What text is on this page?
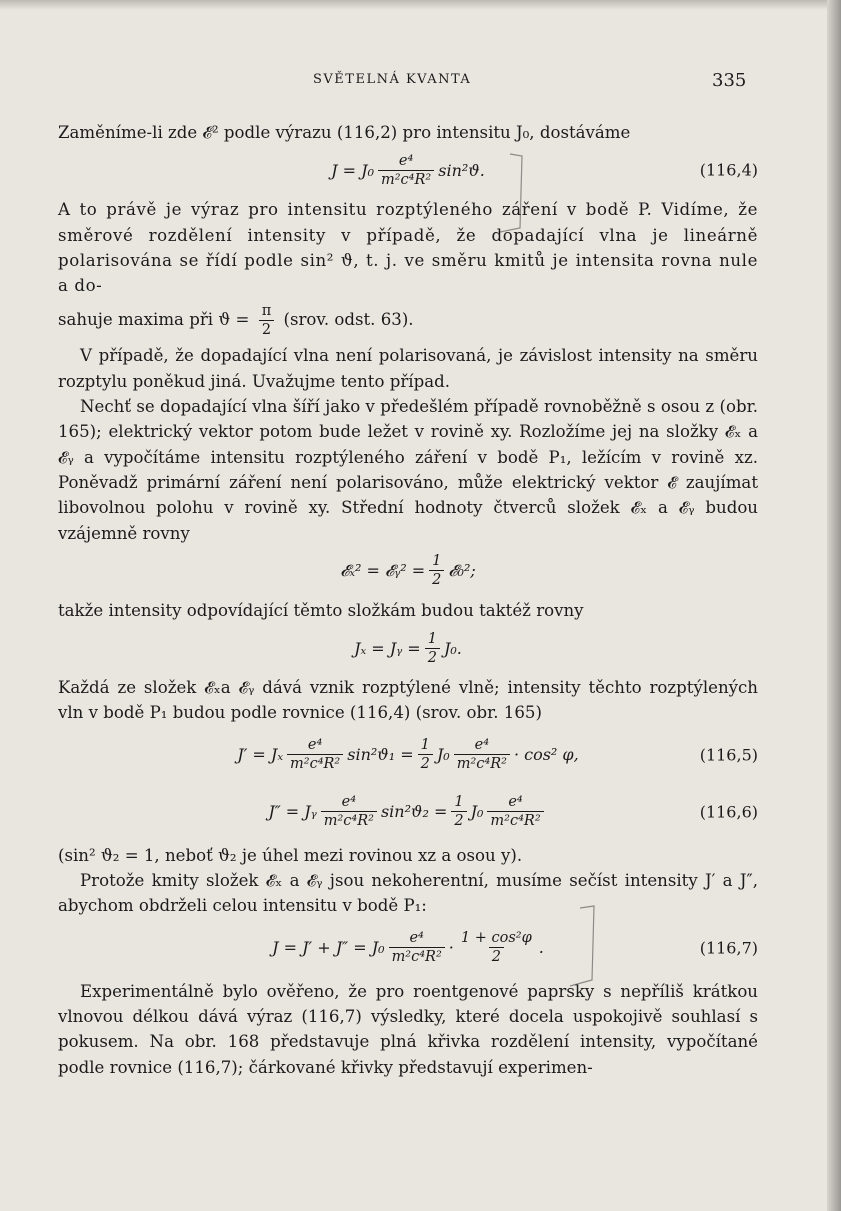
SVĚTELNÁ KVANTA	335

Zaměníme-li zde 𝓔² podle výrazu (116,2) pro intensitu J₀, dostáváme

$J = J_0 \frac{\text{e⁴}}{\text{m²c⁴R²}} \sin^2ϑ$.	(116,4)

A to právě je výraz pro intensitu rozptýleného záření v bodě P. Vidíme, že směrové rozdělení intensity v případě, že dopadající vlna je lineárně polarisována se řídí podle sin² ϑ, t. j. ve směru kmitů je intensita rovna nule a do-

sahuje maxima při $ϑ = \frac{\pi}{2}$ (srov. odst. 63).

V případě, že dopadající vlna není polarisovaná, je závislost intensity na směru rozptylu poněkud jiná. Uvažujme tento případ.

Nechť se dopadající vlna šíří jako v předešlém případě rovnoběžně s osou z (obr. 165); elektrický vektor potom bude ležet v rovině xy. Rozložíme jej na složky 𝓔ₓ a 𝓔ᵧ a vypočítáme intensitu rozptýleného záření v bodě P₁, ležícím v rovině xz. Poněvadž primární záření není polarisováno, může elektrický vektor 𝓔 zaujímat libovolnou polohu v rovině xy. Střední hodnoty čtverců složek 𝓔ₓ a 𝓔ᵧ budou vzájemně rovny

𝓔ₓ² = 𝓔ᵧ² = $\frac{1}{2}$ 𝓔₀²;

takže intensity odpovídající těmto složkám budou taktéž rovny

Jₓ = Jᵧ = $\frac{1}{2} J_0$.

Každá ze složek 𝓔ₓa 𝓔ᵧ dává vznik rozptýlené vlně; intensity těchto rozptýlených vln v bodě P₁ budou podle rovnice (116,4) (srov. obr. 165)

J′ = Jₓ $\frac{\text{e⁴}}{\text{m²c⁴R²}} \sin^2ϑ_1 = \frac{1}{2} J_0 \frac{\text{e⁴}}{\text{m²c⁴R²}} \cdot \cos^2$ φ,	(116,5)
J″ = Jᵧ $\frac{\text{e⁴}}{\text{m²c⁴R²}} \sin^2ϑ_2 = \frac{1}{2} J_0 \frac{\text{e⁴}}{\text{m²c⁴R²}}$	(116,6)

(sin² ϑ₂ = 1, neboť ϑ₂ je úhel mezi rovinou xz a osou y).

Protože kmity složek 𝓔ₓ a 𝓔ᵧ jsou nekoherentní, musíme sečíst intensity J′ a J″, abychom obdrželi celou intensitu v bodě P₁:

$J = J' + J'' = J_0 \frac{\text{e⁴}}{\text{m²c⁴R²}} \cdot \frac{\text{1 + cos²φ}}{2}$ .	(116,7)

Experimentálně bylo ověřeno, že pro roentgenové paprsky s nepříliš krátkou vlnovou délkou dává výraz (116,7) výsledky, které docela uspokojivě souhlasí s pokusem. Na obr. 168 představuje plná křivka rozdělení intensity, vypočítané podle rovnice (116,7); čárkované křivky představují experimen-
